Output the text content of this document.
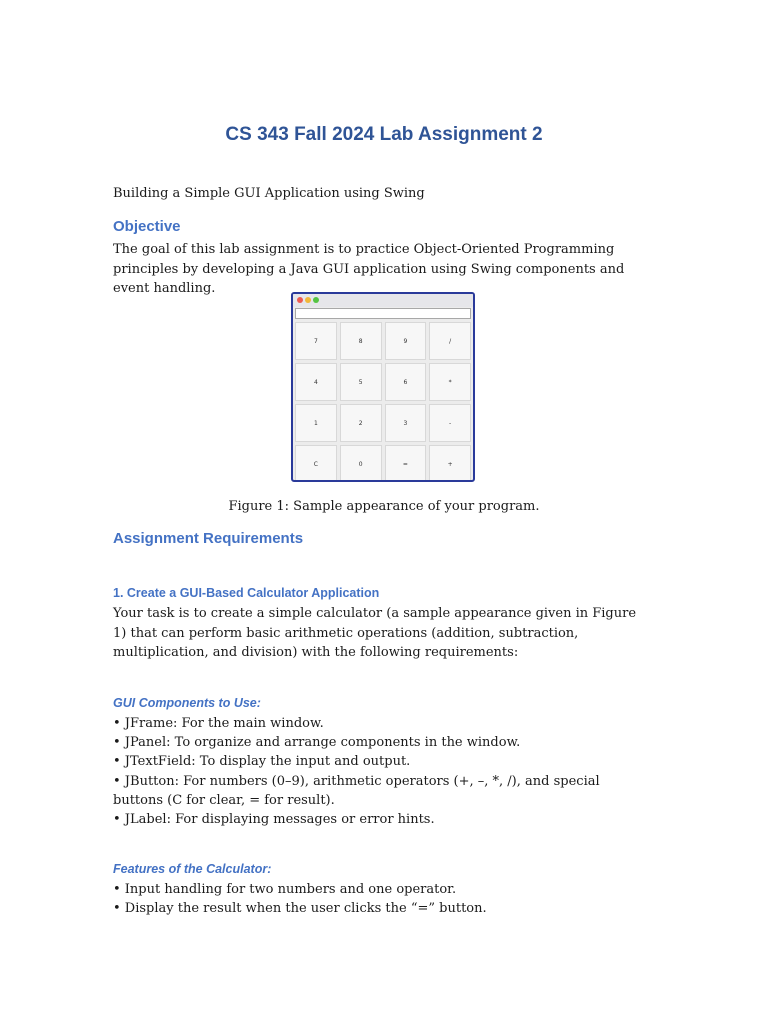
CS 343 Fall 2024 Lab Assignment 2

Building a Simple GUI Application using Swing

Objective

The goal of this lab assignment is to practice Object-Oriented Programming principles by developing a Java GUI application using Swing components and event handling.

7	8	9	/
4	5	6	*
1	2	3	-
C	0	=	+

Figure 1: Sample appearance of your program.

Assignment Requirements
1. Create a GUI-Based Calculator Application

Your task is to create a simple calculator (a sample appearance given in Figure 1) that can perform basic arithmetic operations (addition, subtraction, multiplication, and division) with the following requirements:

GUI Components to Use:
• JFrame: For the main window.
• JPanel: To organize and arrange components in the window.
• JTextField: To display the input and output.
• JButton: For numbers (0–9), arithmetic operators (+, –, *, /), and special buttons (C for clear, = for result).
• JLabel: For displaying messages or error hints.
Features of the Calculator:
• Input handling for two numbers and one operator.
• Display the result when the user clicks the “=” button.
